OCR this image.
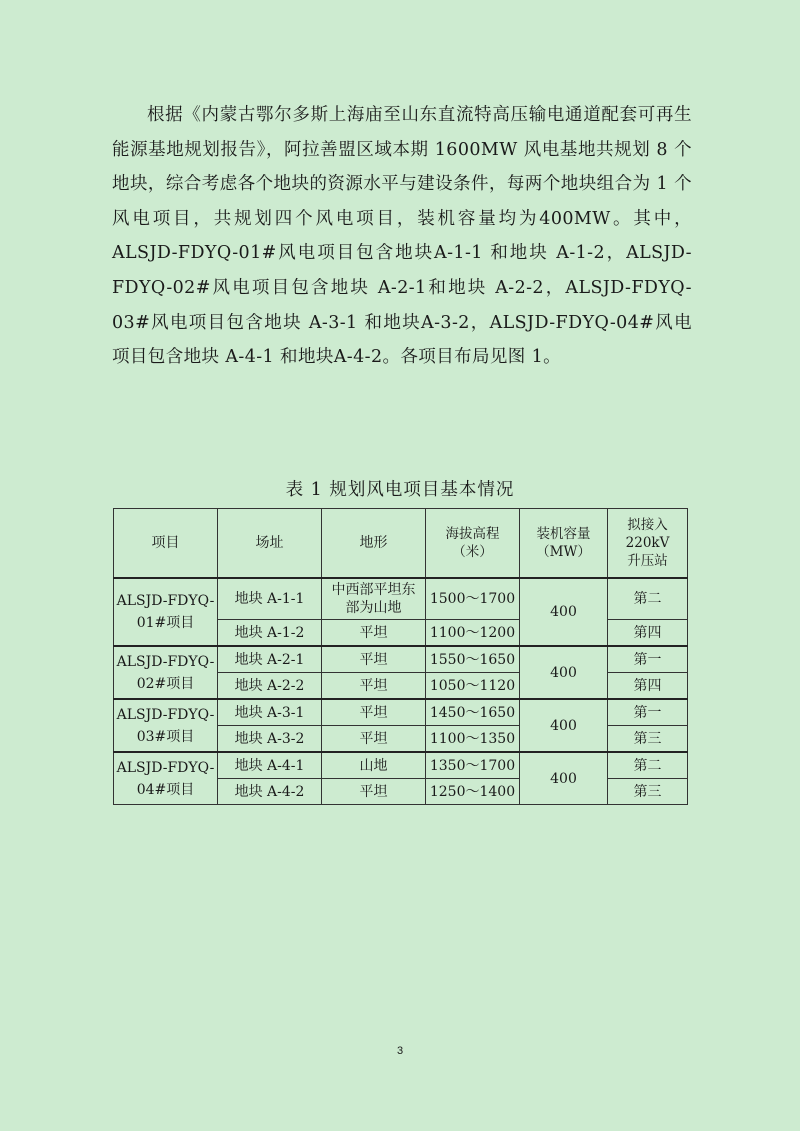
根据《内蒙古鄂尔多斯上海庙至山东直流特高压输电通道配套可再生能源基地规划报告》，阿拉善盟区域本期 1600MW 风电基地共规划 8 个地块，综合考虑各个地块的资源水平与建设条件，每两个地块组合为 1 个风电项目，共规划四个风电项目，装机容量均为400MW。其中，ALSJD-FDYQ-01#风电项目包含地块A-1-1 和地块 A-1-2，ALSJD-FDYQ-02#风电项目包含地块 A-2-1和地块 A-2-2，ALSJD-FDYQ-03#风电项目包含地块 A-3-1 和地块A-3-2，ALSJD-FDYQ-04#风电项目包含地块 A-4-1 和地块A-4-2。各项目布局见图 1。

表 1 规划风电项目基本情况

项目	场址	地形	海拔高程（米）	装机容量（MW）	拟接入220kV升压站
ALSJD-FDYQ-01#项目	地块 A-1-1	中西部平坦东部为山地	1500～1700	400	第二
	地块 A-1-2	平坦	1100～1200		第四
ALSJD-FDYQ-02#项目	地块 A-2-1	平坦	1550～1650	400	第一
	地块 A-2-2	平坦	1050～1120		第四
ALSJD-FDYQ-03#项目	地块 A-3-1	平坦	1450～1650	400	第一
	地块 A-3-2	平坦	1100～1350		第三
ALSJD-FDYQ-04#项目	地块 A-4-1	山地	1350～1700	400	第二
	地块 A-4-2	平坦	1250～1400		第三
3
